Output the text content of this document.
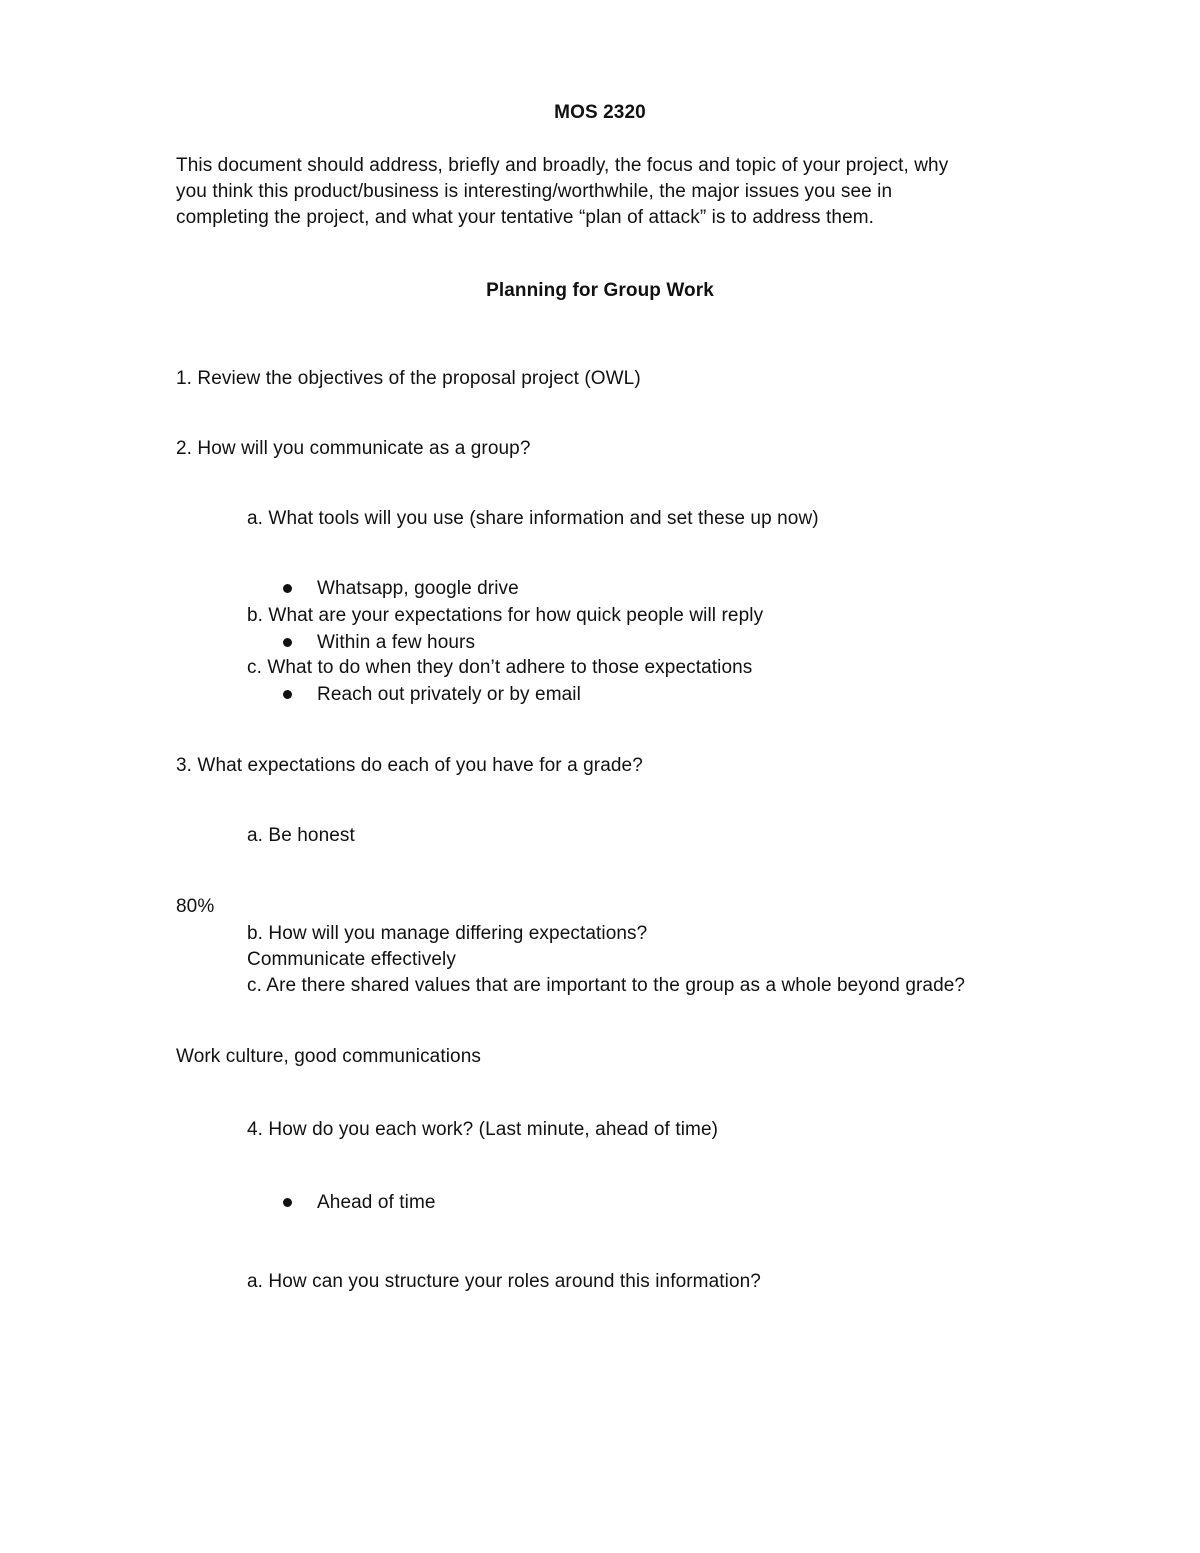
MOS 2320
This document should address, briefly and broadly, the focus and topic of your project, why
you think this product/business is interesting/worthwhile, the major issues you see in
completing the project, and what your tentative “plan of attack” is to address them.
Planning for Group Work
1. Review the objectives of the proposal project (OWL)
2. How will you communicate as a group?
a. What tools will you use (share information and set these up now)
Whatsapp, google drive
b. What are your expectations for how quick people will reply
Within a few hours
c. What to do when they don’t adhere to those expectations
Reach out privately or by email
3. What expectations do each of you have for a grade?
a. Be honest
80%
b. How will you manage differing expectations?
Communicate effectively
c. Are there shared values that are important to the group as a whole beyond grade?
Work culture, good communications
4. How do you each work? (Last minute, ahead of time)
Ahead of time
a. How can you structure your roles around this information?
